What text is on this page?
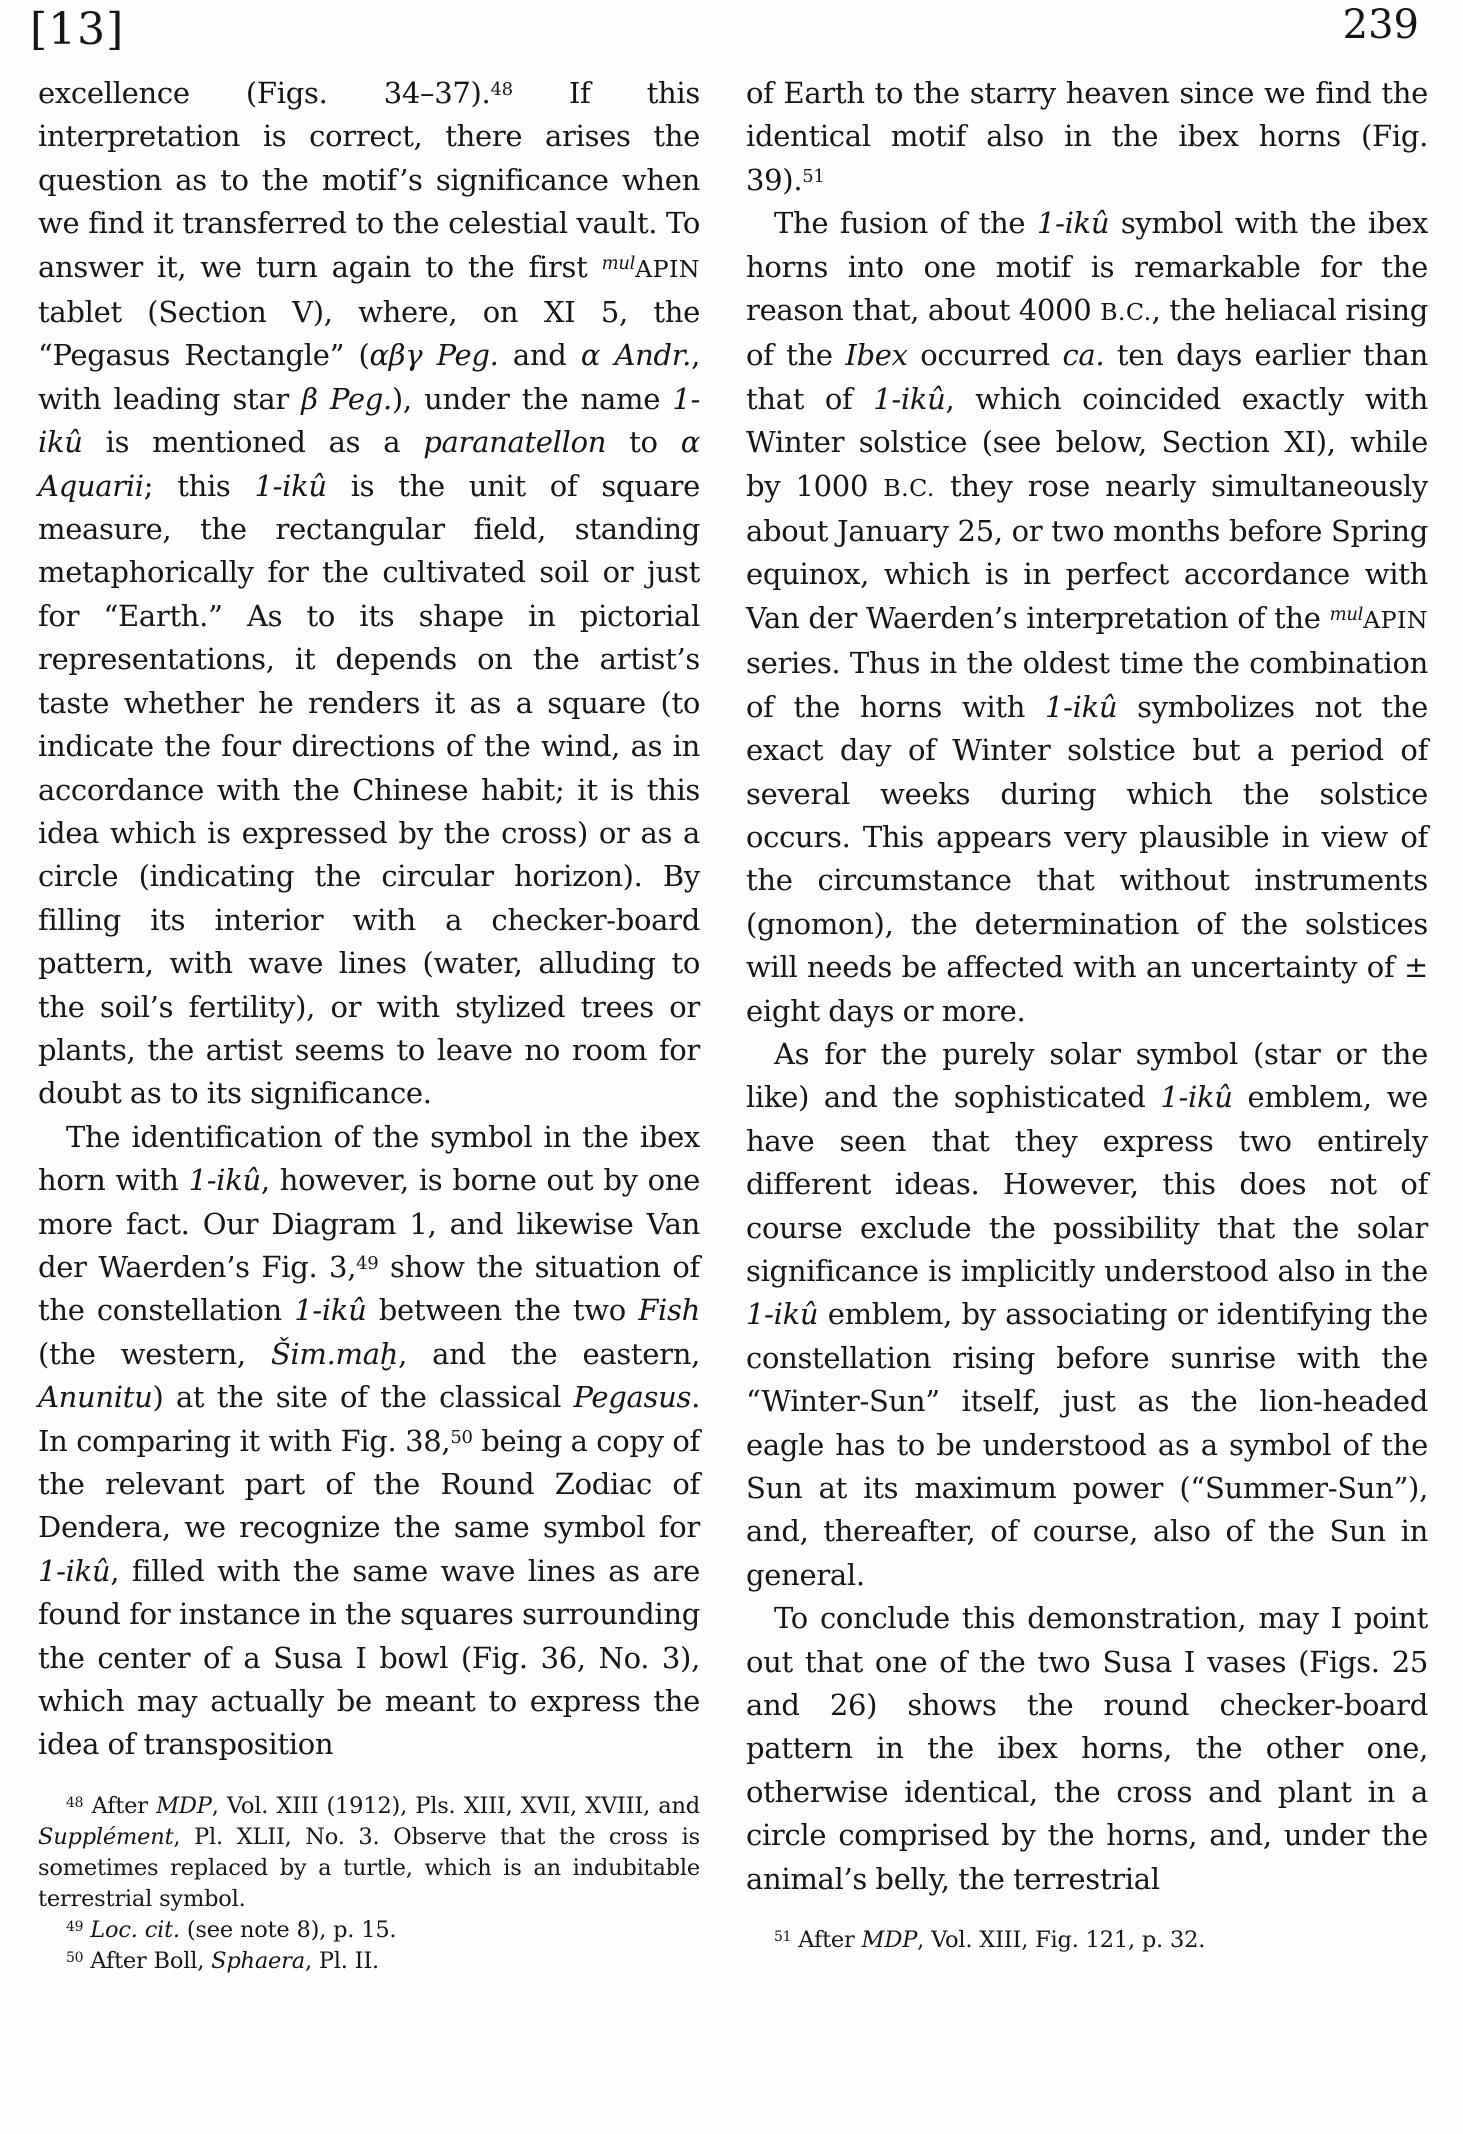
[13]	239

excellence (Figs. 34–37).$^{48}$ If this interpretation is correct, there arises the question as to the motif’s significance when we find it transferred to the celestial vault. To answer it, we turn again to the first $^{mul}$APIN tablet (Section V), where, on XI 5, the “Pegasus Rectangle” (αβγ Peg. and α Andr., with leading star β Peg.), under the name 1-ikû is mentioned as a paranatellon to α Aquarii; this 1-ikû is the unit of square measure, the rectangular field, standing metaphorically for the cultivated soil or just for “Earth.” As to its shape in pictorial representations, it depends on the artist’s taste whether he renders it as a square (to indicate the four directions of the wind, as in accordance with the Chinese habit; it is this idea which is expressed by the cross) or as a circle (indicating the circular horizon). By filling its interior with a checker-board pattern, with wave lines (water, alluding to the soil’s fertility), or with stylized trees or plants, the artist seems to leave no room for doubt as to its significance.

The identification of the symbol in the ibex horn with 1-ikû, however, is borne out by one more fact. Our Diagram 1, and likewise Van der Waerden’s Fig. 3,49 show the situation of the constellation 1-ikû between the two Fish (the western, Šim.maḫ, and the eastern, Anunitu) at the site of the classical Pegasus. In comparing it with Fig. 38,50 being a copy of the relevant part of the Round Zodiac of Dendera, we recognize the same symbol for 1-ikû, filled with the same wave lines as are found for instance in the squares surrounding the center of a Susa I bowl (Fig. 36, No. 3), which may actually be meant to express the idea of transposition

$^{48}$ After MDP, Vol. XIII (1912), Pls. XIII, XVII, XVIII, and Supplément, Pl. XLII, No. 3. Observe that the cross is sometimes replaced by a turtle, which is an indubitable terrestrial symbol.

$^{49}$ Loc. cit. (see note 8), p. 15.

$^{50}$ After Boll, Sphaera, Pl. II.

of Earth to the starry heaven since we find the identical motif also in the ibex horns (Fig. 39).$^{51}$

The fusion of the 1-ikû symbol with the ibex horns into one motif is remarkable for the reason that, about 4000 B.C., the heliacal rising of the Ibex occurred ca. ten days earlier than that of 1-ikû, which coincided exactly with Winter solstice (see below, Section XI), while by 1000 B.C. they rose nearly simultaneously about January 25, or two months before Spring equinox, which is in perfect accordance with Van der Waerden’s interpretation of the $^{mul}$APIN series. Thus in the oldest time the combination of the horns with 1-ikû symbolizes not the exact day of Winter solstice but a period of several weeks during which the solstice occurs. This appears very plausible in view of the circumstance that without instruments (gnomon), the determination of the solstices will needs be affected with an uncertainty of ± eight days or more.

As for the purely solar symbol (star or the like) and the sophisticated 1-ikû emblem, we have seen that they express two entirely different ideas. However, this does not of course exclude the possibility that the solar significance is implicitly understood also in the 1-ikû emblem, by associating or identifying the constellation rising before sunrise with the “Winter-Sun” itself, just as the lion-headed eagle has to be understood as a symbol of the Sun at its maximum power (“Summer-Sun”), and, thereafter, of course, also of the Sun in general.

To conclude this demonstration, may I point out that one of the two Susa I vases (Figs. 25 and 26) shows the round checker-board pattern in the ibex horns, the other one, otherwise identical, the cross and plant in a circle comprised by the horns, and, under the animal’s belly, the terrestrial

$^{51}$ After MDP, Vol. XIII, Fig. 121, p. 32.
